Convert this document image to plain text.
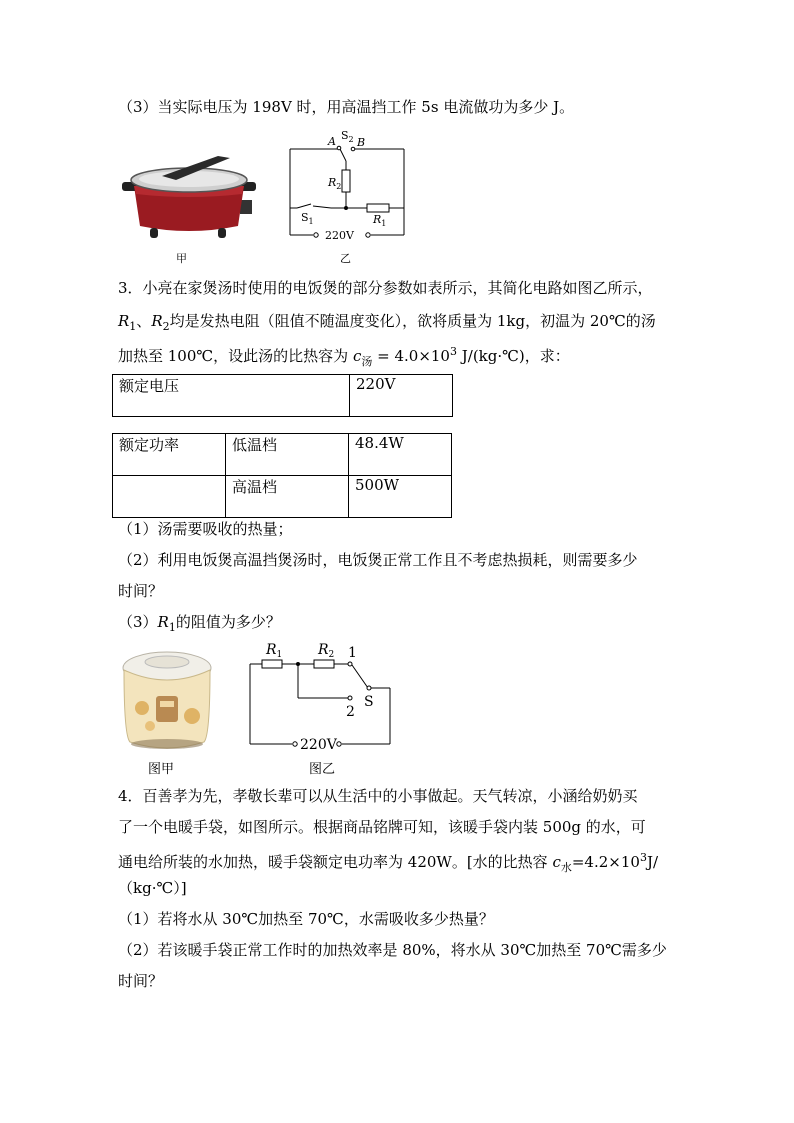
（3）当实际电压为 198V 时，用高温挡工作 5s 电流做功为多少 J。
甲
A B
$S_2$
$R_2$
$S_1$	$R_1$
220V
乙
3．小亮在家煲汤时使用的电饭煲的部分参数如表所示，其简化电路如图乙所示，
$R_1$、$R_2$均是发热电阻（阻值不随温度变化），欲将质量为 1kg，初温为 20℃的汤
加热至 100℃，设此汤的比热容为 $c_汤 = 4.0\times 10^3$ J/(kg·℃)，求：
额定电压	220V
额定功率	低温档	48.4W
	高温档	500W
（1）汤需要吸收的热量；
（2）利用电饭煲高温挡煲汤时，电饭煲正常工作且不考虑热损耗，则需要多少
时间？
$(3)R_1$的阻值为多少？
图甲
$R_1$	$R_2$ 1
2
S
220V
图乙
4．百善孝为先，孝敬长辈可以从生活中的小事做起。天气转凉，小涵给奶奶买
了一个电暖手袋，如图所示。根据商品铭牌可知，该暖手袋内装 500g 的水，可
通电给所装的水加热，暖手袋额定电功率为 420W。[水的比热容 $c_水=4.2\times 10^3J/$
（kg·℃）]
（1）若将水从 30℃加热至 70℃，水需吸收多少热量？
（2）若该暖手袋正常工作时的加热效率是 80%，将水从 30℃加热至 70℃需多少
时间？
